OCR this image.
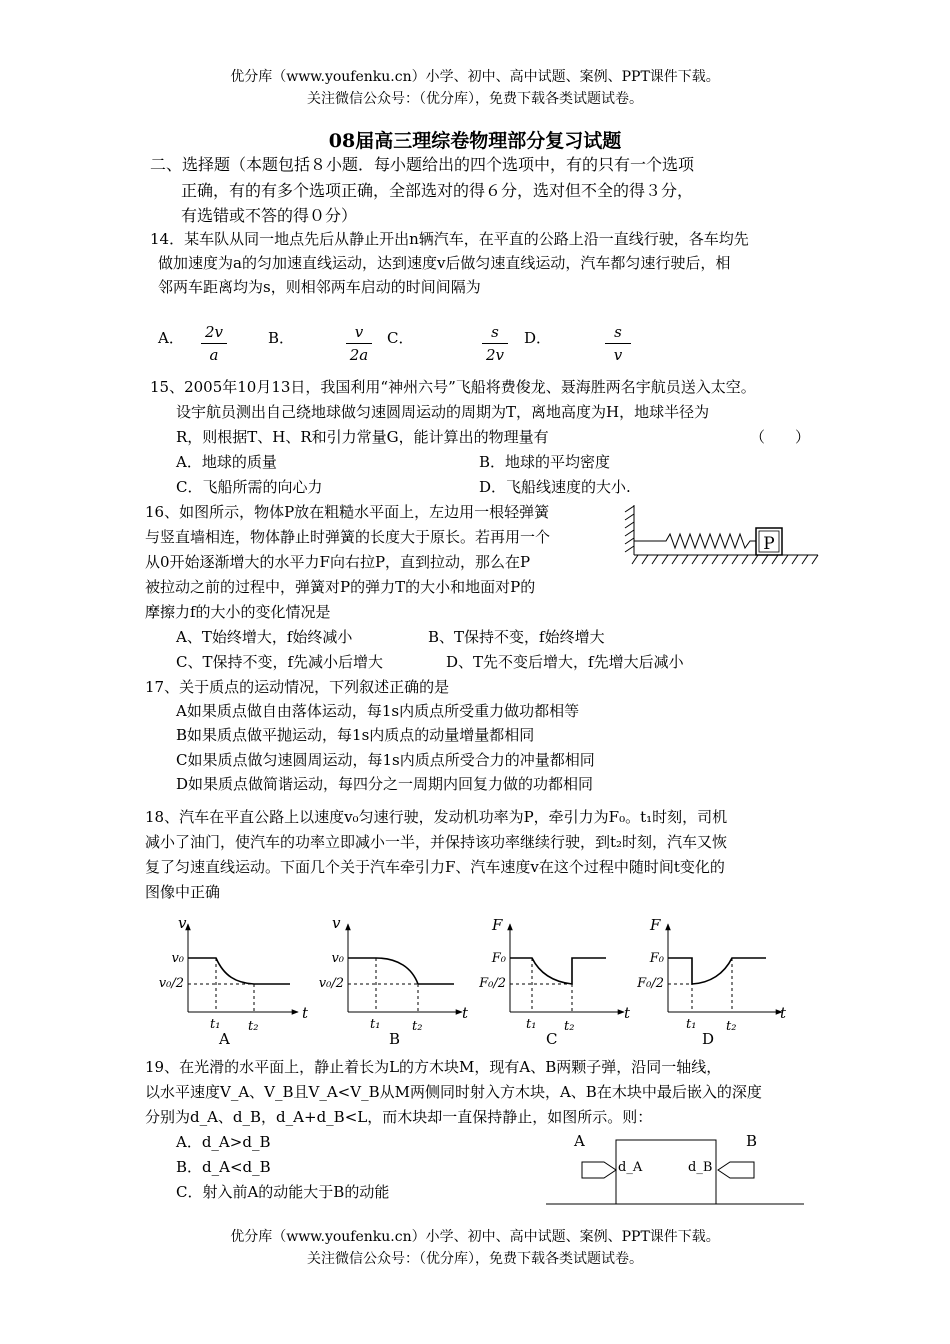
优分库（www.youfenku.cn）小学、初中、高中试题、案例、PPT课件下载。
关注微信公众号：（优分库），免费下载各类试题试卷。
08届高三理综卷物理部分复习试题
二、选择题（本题包括８小题．每小题给出的四个选项中，有的只有一个选项
正确，有的有多个选项正确，全部选对的得６分，选对但不全的得３分，
有选错或不答的得０分）
14．某车队从同一地点先后从静止开出n辆汽车，在平直的公路上沿一直线行驶，各车均先
做加速度为a的匀加速直线运动，达到速度v后做匀速直线运动，汽车都匀速行驶后，相
邻两车距离均为s，则相邻两车启动的时间间隔为
A．	2v
a
B．	v
2a
C．	s
2v
D．	s
v
15、2005年10月13日，我国利用“神州六号”飞船将费俊龙、聂海胜两名宇航员送入太空。
设宇航员测出自己绕地球做匀速圆周运动的周期为T，离地高度为H，地球半径为
R，则根据T、H、R和引力常量G，能计算出的物理量有	（　　）
A．地球的质量	B．地球的平均密度
C．飞船所需的向心力	D．飞船线速度的大小.
16、如图所示，物体P放在粗糙水平面上，左边用一根轻弹簧
与竖直墙相连，物体静止时弹簧的长度大于原长。若再用一个
从0开始逐渐增大的水平力F向右拉P，直到拉动，那么在P
被拉动之前的过程中，弹簧对P的弹力T的大小和地面对P的
摩擦力f的大小的变化情况是
A、T始终增大，f始终减小	B、T保持不变，f始终增大
C、T保持不变，f先减小后增大	D、T先不变后增大，f先增大后减小
P
17、关于质点的运动情况，下列叙述正确的是
A如果质点做自由落体运动，每1s内质点所受重力做功都相等
B如果质点做平抛运动，每1s内质点的动量增量都相同
C如果质点做匀速圆周运动，每1s内质点所受合力的冲量都相同
D如果质点做简谐运动，每四分之一周期内回复力做的功都相同
18、汽车在平直公路上以速度v₀匀速行驶，发动机功率为P，牵引力为F₀。t₁时刻，司机
减小了油门，使汽车的功率立即减小一半，并保持该功率继续行驶，到t₂时刻，汽车又恢
复了匀速直线运动。下面几个关于汽车牵引力F、汽车速度v在这个过程中随时间t变化的
图像中正确
v
t
v₀
v₀/2
t₁ t₂
A
v
t
v₀
v₀/2
t₁ t₂
B
F
t
F₀
F₀/2
t₁ t₂
C
F
t
F₀
F₀/2
t₁ t₂
D
19、在光滑的水平面上，静止着长为L的方木块M，现有A、B两颗子弹，沿同一轴线，
以水平速度V_A、V_B且V_A<V_B从M两侧同时射入方木块，A、B在木块中最后嵌入的深度
分别为d_A、d_B，d_A+d_B<L，而木块却一直保持静止，如图所示。则：
A．d_A>d_B
B．d_A<d_B
C．射入前A的动能大于B的动能
A	B
d_A	d_B
优分库（www.youfenku.cn）小学、初中、高中试题、案例、PPT课件下载。
关注微信公众号：（优分库），免费下载各类试题试卷。
